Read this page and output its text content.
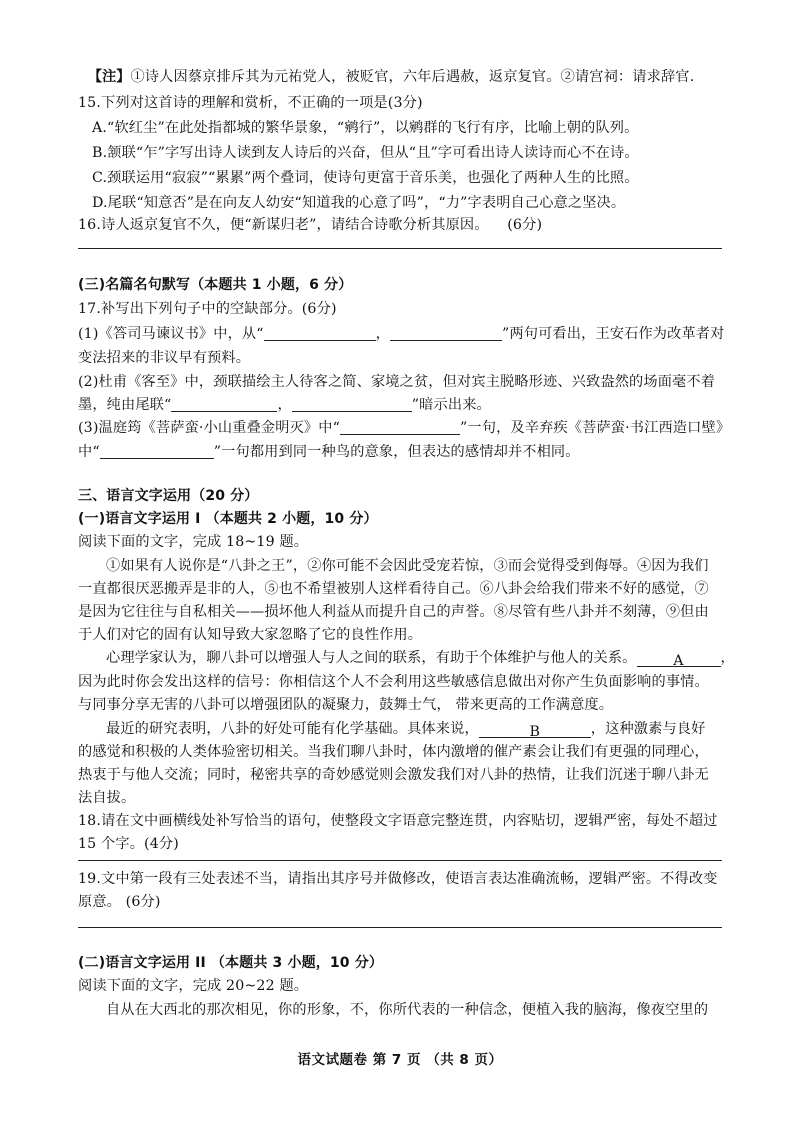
【注】①诗人因蔡京排斥其为元祐党人，被贬官，六年后遇赦，返京复官。②请宫祠：请求辞官.
15.下列对这首诗的理解和赏析，不正确的一项是(3分)
A.“软红尘”在此处指都城的繁华景象，“鹓行”，以鹓群的飞行有序，比喻上朝的队列。
B.颔联“乍”字写出诗人读到友人诗后的兴奋，但从“且”字可看出诗人读诗而心不在诗。
C.颈联运用“寂寂”“累累”两个叠词，使诗句更富于音乐美，也强化了两种人生的比照。
D.尾联“知意否”是在向友人幼安“知道我的心意了吗”，“力”字表明自己心意之坚决。
16.诗人返京复官不久，便“新谋归老”，请结合诗歌分析其原因。 (6分)
(三)名篇名句默写（本题共 1 小题，6 分）
17.补写出下列句子中的空缺部分。(6分)
(1)《答司马谏议书》中，从“	，	”两句可看出，王安石作为改革者对
变法招来的非议早有预料。
(2)杜甫《客至》中，颈联描绘主人待客之简、家境之贫，但对宾主脱略形迹、兴致盎然的场面毫不着
墨，纯由尾联“	，	”暗示出来。
(3)温庭筠《菩萨蛮·小山重叠金明灭》中“	”一句，及辛弃疾《菩萨蛮·书江西造口壁》
中“	”一句都用到同一种鸟的意象，但表达的感情却并不相同。
三、语言文字运用（20 分）
(一)语言文字运用 I （本题共 2 小题，10 分）
阅读下面的文字，完成 18~19 题。
①如果有人说你是“八卦之王”，②你可能不会因此受宠若惊，③而会觉得受到侮辱。④因为我们
一直都很厌恶搬弄是非的人，⑤也不希望被别人这样看待自己。⑥八卦会给我们带来不好的感觉，⑦
是因为它往往与自私相关——损坏他人利益从而提升自己的声誉。⑧尽管有些八卦并不刻薄，⑨但由
于人们对它的固有认知导致大家忽略了它的良性作用。
心理学家认为，聊八卦可以增强人与人之间的联系，有助于个体维护与他人的关系。	A	，
因为此时你会发出这样的信号：你相信这个人不会利用这些敏感信息做出对你产生负面影响的事情。
与同事分享无害的八卦可以增强团队的凝聚力，鼓舞士气， 带来更高的工作满意度。
最近的研究表明，八卦的好处可能有化学基础。具体来说，	B	，这种激素与良好
的感觉和积极的人类体验密切相关。当我们聊八卦时，体内激增的催产素会让我们有更强的同理心，
热衷于与他人交流；同时，秘密共享的奇妙感觉则会激发我们对八卦的热情，让我们沉迷于聊八卦无
法自拔。
18.请在文中画横线处补写恰当的语句，使整段文字语意完整连贯，内容贴切，逻辑严密，每处不超过
15 个字。(4分)
19.文中第一段有三处表述不当，请指出其序号并做修改，使语言表达准确流畅，逻辑严密。不得改变
原意。 (6分)
(二)语言文字运用 II （本题共 3 小题，10 分）
阅读下面的文字，完成 20~22 题。
自从在大西北的那次相见，你的形象，不，你所代表的一种信念，便植入我的脑海，像夜空里的
语文试题卷 第 7 页 （共 8 页）
